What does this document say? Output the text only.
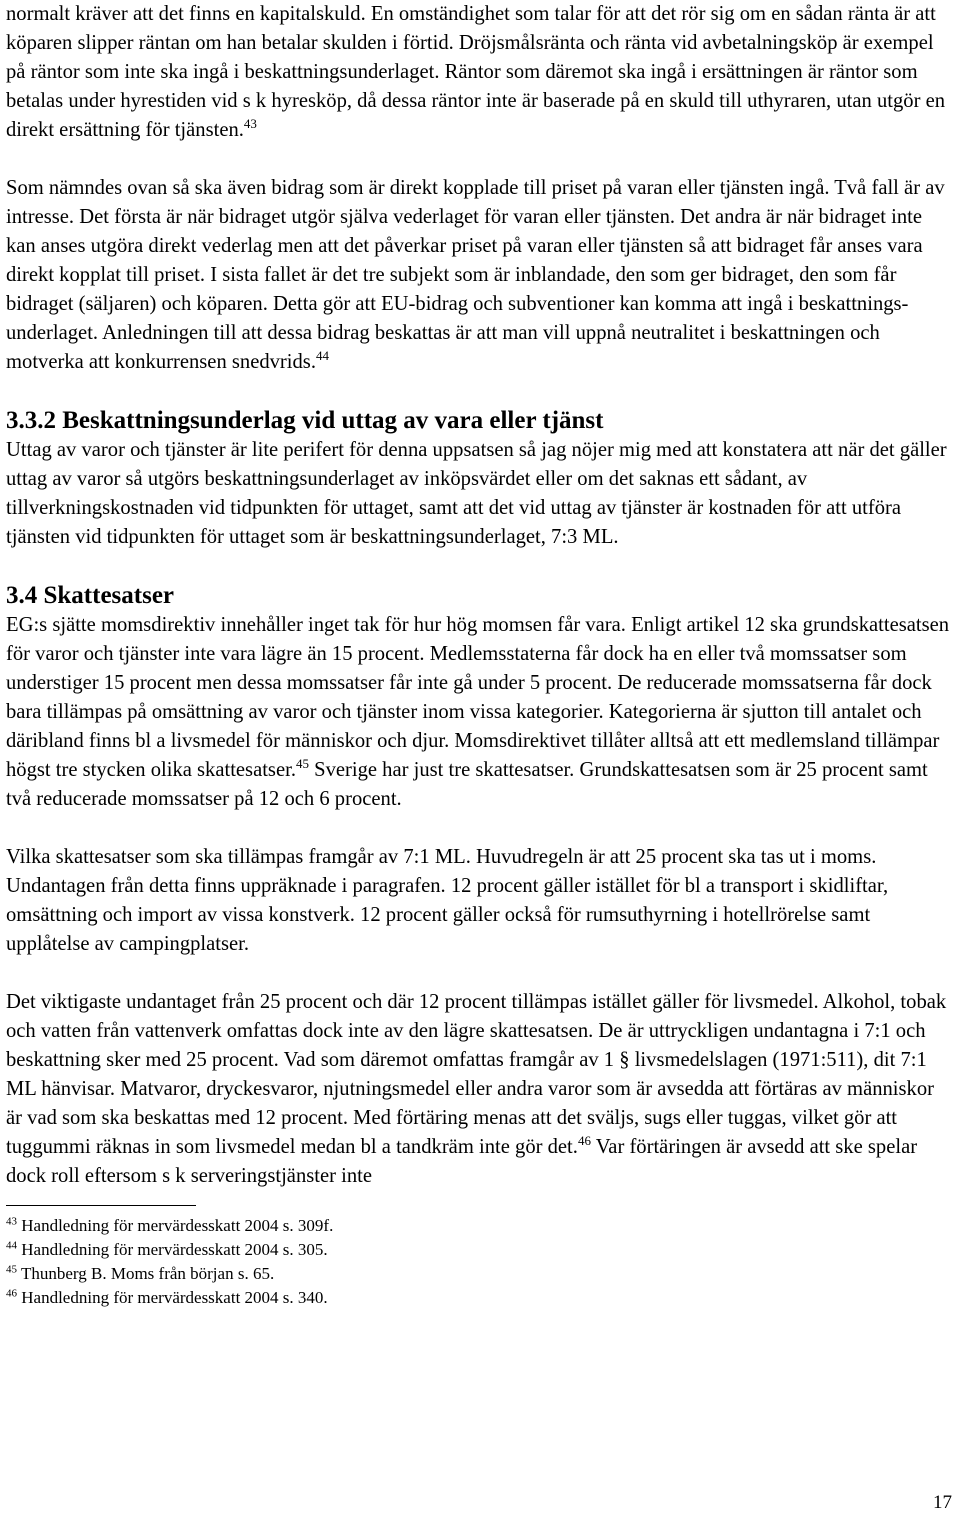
normalt kräver att det finns en kapitalskuld. En omständighet som talar för att det rör sig om en sådan ränta är att köparen slipper räntan om han betalar skulden i förtid. Dröjsmålsränta och ränta vid avbetalningsköp är exempel på räntor som inte ska ingå i beskattningsunderlaget. Räntor som däremot ska ingå i ersättningen är räntor som betalas under hyrestiden vid s k hyresköp, då dessa räntor inte är baserade på en skuld till uthyraren, utan utgör en direkt ersättning för tjänsten.$^{43}$

Som nämndes ovan så ska även bidrag som är direkt kopplade till priset på varan eller tjänsten ingå. Två fall är av intresse. Det första är när bidraget utgör själva vederlaget för varan eller tjänsten. Det andra är när bidraget inte kan anses utgöra direkt vederlag men att det påverkar priset på varan eller tjänsten så att bidraget får anses vara direkt kopplat till priset. I sista fallet är det tre subjekt som är inblandade, den som ger bidraget, den som får bidraget (säljaren) och köparen. Detta gör att EU-bidrag och subventioner kan komma att ingå i beskattnings-underlaget. Anledningen till att dessa bidrag beskattas är att man vill uppnå neutralitet i beskattningen och motverka att konkurrensen snedvrids.$^{44}$

3.3.2 Beskattningsunderlag vid uttag av vara eller tjänst

Uttag av varor och tjänster är lite perifert för denna uppsatsen så jag nöjer mig med att konstatera att när det gäller uttag av varor så utgörs beskattningsunderlaget av inköpsvärdet eller om det saknas ett sådant, av tillverkningskostnaden vid tidpunkten för uttaget, samt att det vid uttag av tjänster är kostnaden för att utföra tjänsten vid tidpunkten för uttaget som är beskattningsunderlaget, 7:3 ML.

3.4 Skattesatser

EG:s sjätte momsdirektiv innehåller inget tak för hur hög momsen får vara. Enligt artikel 12 ska grundskattesatsen för varor och tjänster inte vara lägre än 15 procent. Medlemsstaterna får dock ha en eller två momssatser som understiger 15 procent men dessa momssatser får inte gå under 5 procent. De reducerade momssatserna får dock bara tillämpas på omsättning av varor och tjänster inom vissa kategorier. Kategorierna är sjutton till antalet och däribland finns bl a livsmedel för människor och djur. Momsdirektivet tillåter alltså att ett medlemsland tillämpar högst tre stycken olika skattesatser.$^{45}$ Sverige har just tre skattesatser. Grundskattesatsen som är 25 procent samt två reducerade momssatser på 12 och 6 procent.

Vilka skattesatser som ska tillämpas framgår av 7:1 ML. Huvudregeln är att 25 procent ska tas ut i moms. Undantagen från detta finns uppräknade i paragrafen. 12 procent gäller istället för bl a transport i skidliftar, omsättning och import av vissa konstverk. 12 procent gäller också för rumsuthyrning i hotellrörelse samt upplåtelse av campingplatser.

Det viktigaste undantaget från 25 procent och där 12 procent tillämpas istället gäller för livsmedel. Alkohol, tobak och vatten från vattenverk omfattas dock inte av den lägre skattesatsen. De är uttryckligen undantagna i 7:1 och beskattning sker med 25 procent. Vad som däremot omfattas framgår av 1 § livsmedelslagen (1971:511), dit 7:1 ML hänvisar. Matvaror, dryckesvaror, njutningsmedel eller andra varor som är avsedda att förtäras av människor är vad som ska beskattas med 12 procent. Med förtäring menas att det sväljs, sugs eller tuggas, vilket gör att tuggummi räknas in som livsmedel medan bl a tandkräm inte gör det.$^{46}$ Var förtäringen är avsedd att ske spelar dock roll eftersom s k serveringstjänster inte

$^{43}$ Handledning för mervärdesskatt 2004 s. 309f.
$^{44}$ Handledning för mervärdesskatt 2004 s. 305.
$^{45}$ Thunberg B. Moms från början s. 65.
$^{46}$ Handledning för mervärdesskatt 2004 s. 340.
17
